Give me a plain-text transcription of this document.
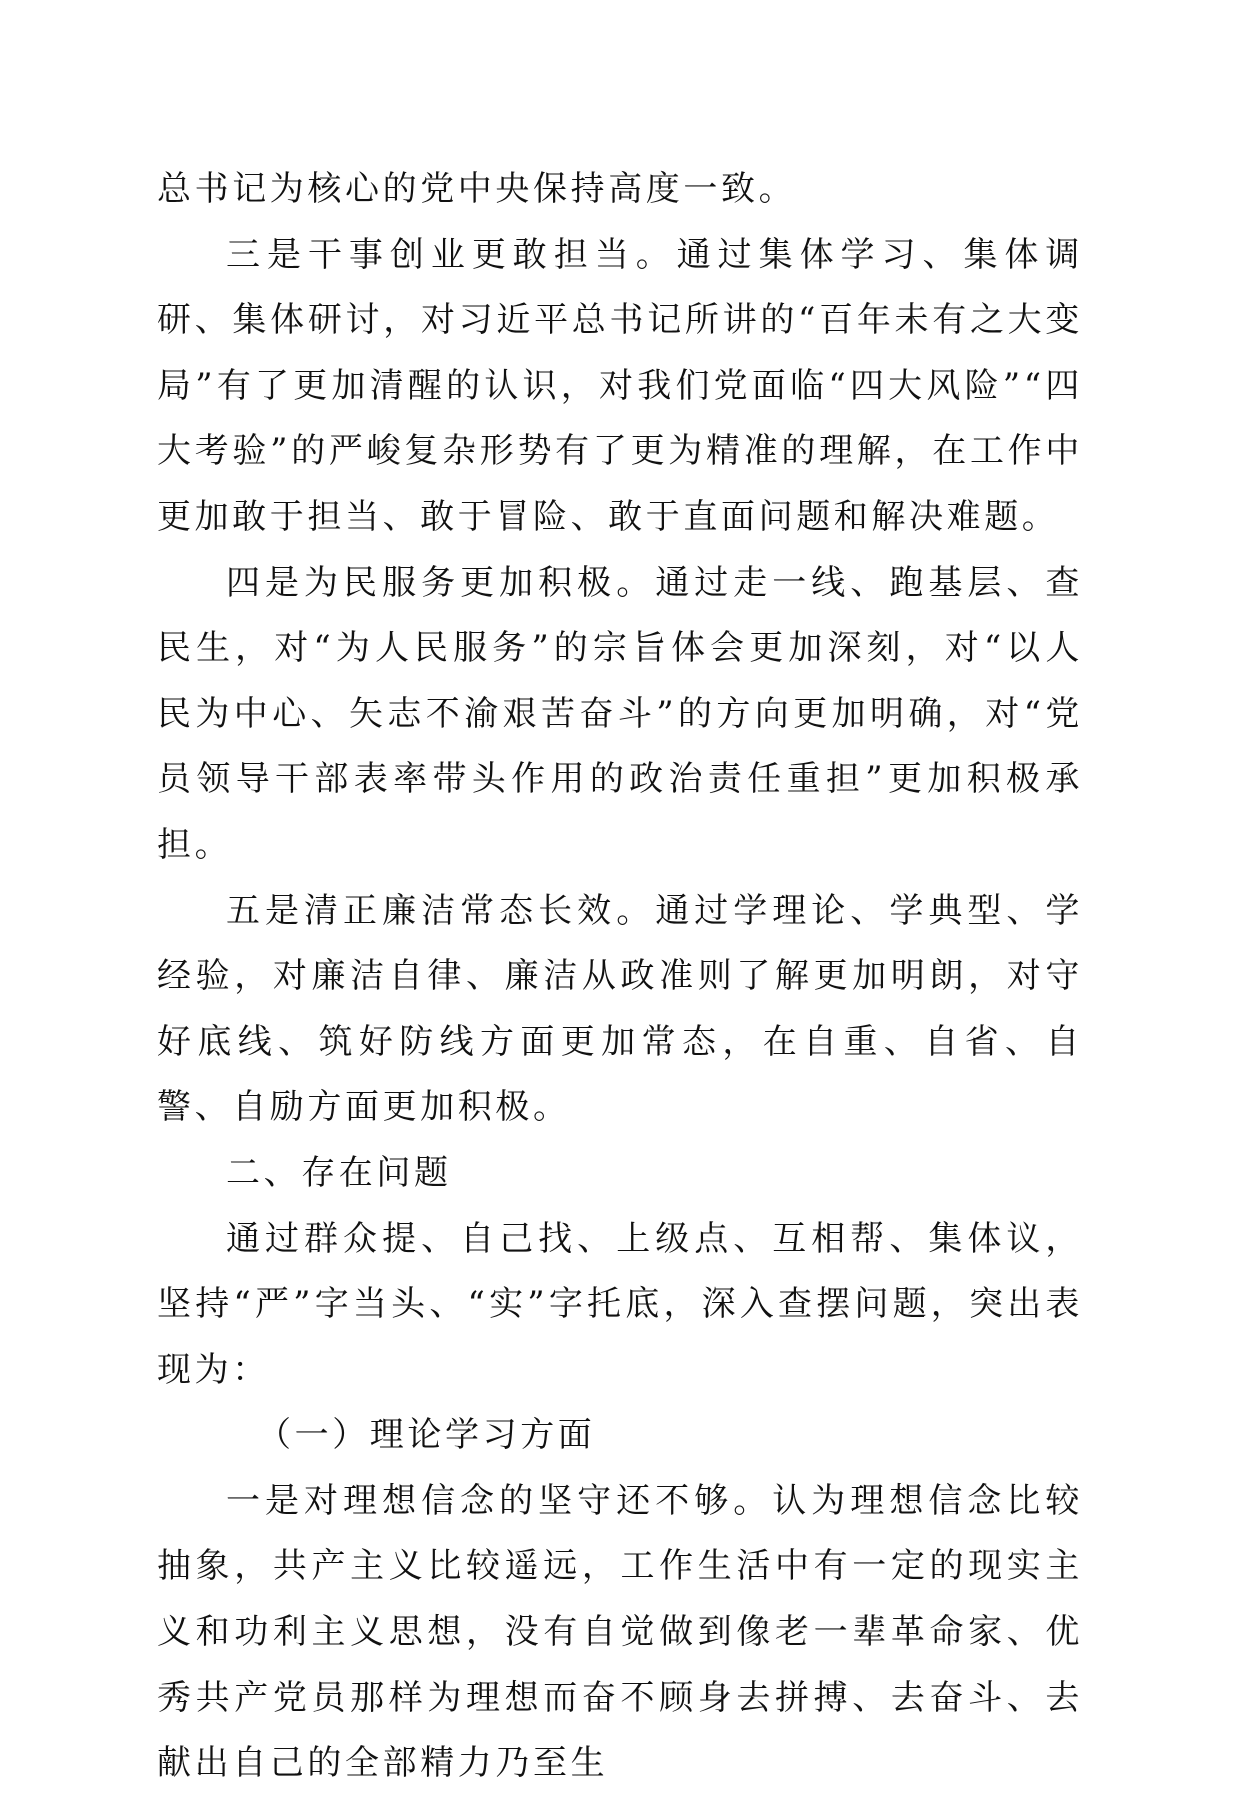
总书记为核心的党中央保持高度一致。

三是干事创业更敢担当。通过集体学习、集体调研、集体研讨，对习近平总书记所讲的“百年未有之大变局”有了更加清醒的认识，对我们党面临“四大风险”“四大考验”的严峻复杂形势有了更为精准的理解，在工作中更加敢于担当、敢于冒险、敢于直面问题和解决难题。

四是为民服务更加积极。通过走一线、跑基层、查民生，对“为人民服务”的宗旨体会更加深刻，对“以人民为中心、矢志不渝艰苦奋斗”的方向更加明确，对“党员领导干部表率带头作用的政治责任重担”更加积极承担。

五是清正廉洁常态长效。通过学理论、学典型、学经验，对廉洁自律、廉洁从政准则了解更加明朗，对守好底线、筑好防线方面更加常态，在自重、自省、自警、自励方面更加积极。

二、存在问题

通过群众提、自己找、上级点、互相帮、集体议，坚持“严”字当头、“实”字托底，深入查摆问题，突出表现为：

（一）理论学习方面

一是对理想信念的坚守还不够。认为理想信念比较抽象，共产主义比较遥远，工作生活中有一定的现实主义和功利主义思想，没有自觉做到像老一辈革命家、优秀共产党员那样为理想而奋不顾身去拼搏、去奋斗、去献出自己的全部精力乃至生
